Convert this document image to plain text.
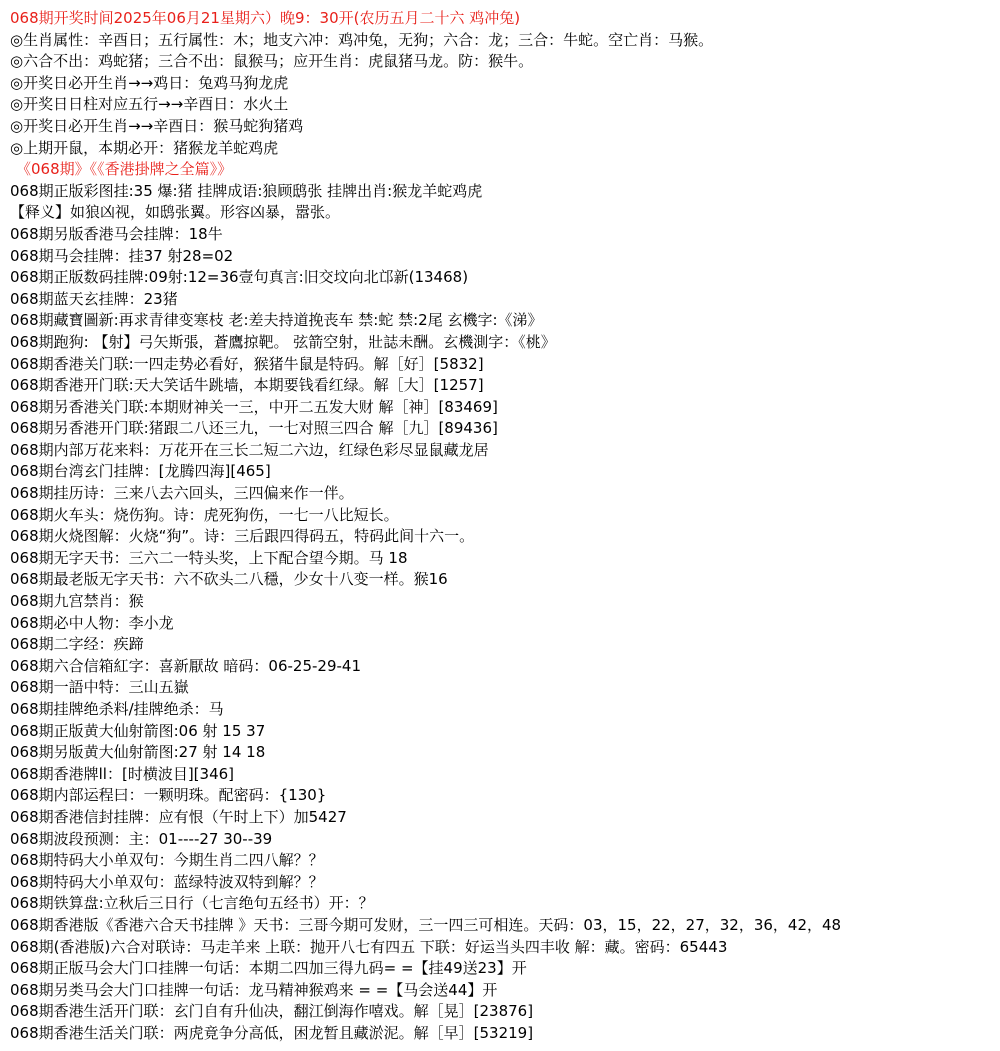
068期开奖时间2025年06月21星期六）晚9：30开(农历五月二十六 鸡冲兔)
◎生肖属性：辛酉日；五行属性：木；地支六冲：鸡冲兔，无狗；六合：龙；三合：牛蛇。空亡肖：马猴。
◎六合不出：鸡蛇猪；三合不出：鼠猴马；应开生肖：虎鼠猪马龙。防：猴牛。
◎开奖日必开生肖→→鸡日：兔鸡马狗龙虎
◎开奖日日柱对应五行→→辛酉日：水火土
◎开奖日必开生肖→→辛酉日：猴马蛇狗猪鸡
◎上期开鼠，本期必开：猪猴龙羊蛇鸡虎
《068期》《《香港掛牌之全篇》》
068期正版彩图挂:35 爆:猪 挂牌成语:狼顾鸱张 挂牌出肖:猴龙羊蛇鸡虎
【释义】如狼凶视，如鸱张翼。形容凶暴，嚣张。
068期另版香港马会挂牌：18牛
068期马会挂牌：挂37 射28=02
068期正版数码挂牌:09射:12=36壹句真言:旧交坟向北邙新(13468)
068期蓝天玄挂牌：23猪
068期藏寶圖新:再求青律变寒枝 老:差夫持道挽丧车 禁:蛇 禁:2尾 玄機字:《涕》
068期跑狗: 【射】弓矢斯張，蒼鷹掠靶。 弦箭空射，壯誌未酬。玄機測字：《桃》
068期香港关门联:一四走势必看好，猴猪牛鼠是特码。解［好］[5832]
068期香港开门联:天大笑话牛跳墙，本期要钱看红绿。解［大］[1257]
068期另香港关门联:本期财神关一三，中开二五发大财 解［神］[83469]
068期另香港开门联:猪跟二八还三九，一七对照三四合 解［九］[89436]
068期内部万花来料：万花开在三长二短二六边，红绿色彩尽显鼠藏龙居
068期台湾玄门挂牌：[龙腾四海][465]
068期挂历诗：三来八去六回头，三四偏来作一伴。
068期火车头：烧伤狗。诗：虎死狗伤，一七一八比短长。
068期火烧图解：火烧“狗”。诗：三后跟四得码五，特码此间十六一。
068期无字天书：三六二一特头奖，上下配合望今期。马 18
068期最老版无字天书：六不砍头二八穩，少女十八变一样。猴16
068期九宫禁肖：猴
068期必中人物：李小龙
068期二字经：疾蹄
068期六合信箱紅字：喜新厭故 暗码：06-25-29-41
068期一語中特：三山五嶽
068期挂牌绝杀料/挂牌绝杀：马
068期正版黄大仙射箭图:06 射 15 37
068期另版黄大仙射箭图:27 射 14 18
068期香港牌ll：[时横波目][346]
068期内部运程曰：一颗明珠。配密码：{130}
068期香港信封挂牌：应有恨（午时上下）加5427
068期波段预测：主：01----27 30--39
068期特码大小单双句：今期生肖二四八解？？
068期特码大小单双句：蓝绿特波双特到解？？
068期铁算盘:立秋后三日行（七言绝句五经书）开：？
068期香港版《香港六合天书挂牌 》天书：三哥今期可发财，三一四三可相连。天码：03，15，22，27，32，36，42，48
068期(香港版)六合对联诗：马走羊来 上联：抛开八七有四五 下联：好运当头四丰收 解：藏。密码：65443
068期正版马会大门口挂牌一句话：本期二四加三得九码= =【挂49送23】开
068期另类马会大门口挂牌一句话：龙马精神猴鸡来 = =【马会送44】开
068期香港生活开门联：玄门自有升仙决，翻江倒海作嘻戏。解［晃］[23876]
068期香港生活关门联：两虎竟争分高低，困龙暂且藏淤泥。解［早］[53219]
